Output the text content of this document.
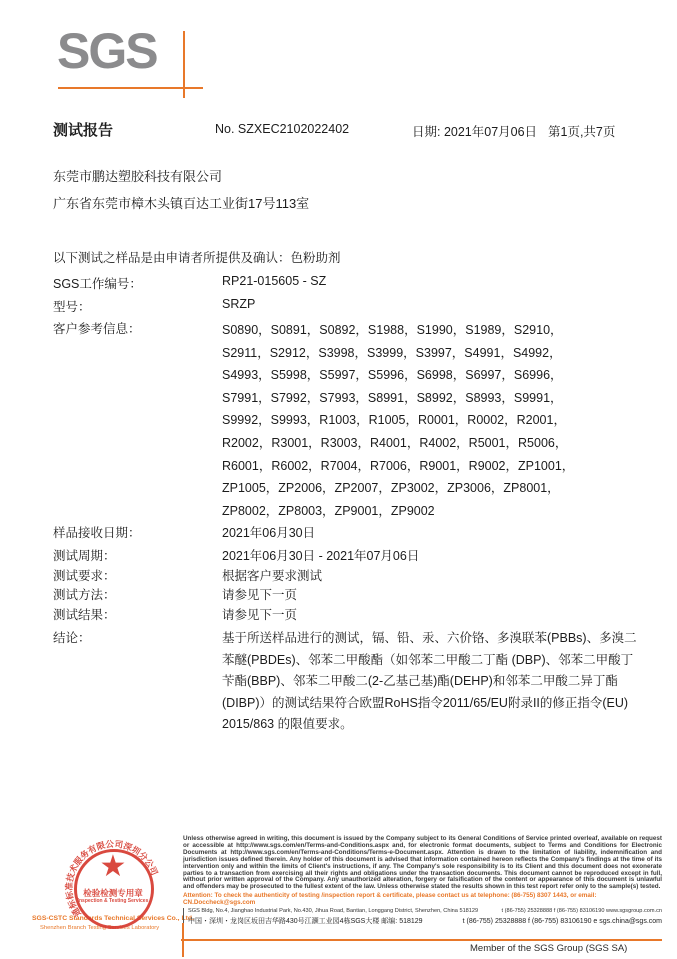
SGS
测试报告	No. SZXEC2102022402	日期: 2021年07月06日 第1页,共7页
东莞市鹏达塑胶科技有限公司
广东省东莞市樟木头镇百达工业街17号113室
以下测试之样品是由申请者所提供及确认：色粉助剂
SGS工作编号：	RP21-015605 - SZ
型号：	SRZP
客户参考信息：	S0890，S0891，S0892，S1988，S1990，S1989，S2910，
S2911，S2912，S3998，S3999，S3997，S4991，S4992，
S4993，S5998，S5997，S5996，S6998，S6997，S6996，
S7991，S7992，S7993，S8991，S8992，S8993，S9991，
S9992，S9993，R1003，R1005，R0001，R0002，R2001，
R2002，R3001，R3003，R4001，R4002，R5001，R5006，
R6001，R6002，R7004，R7006，R9001，R9002，ZP1001，
ZP1005，ZP2006，ZP2007，ZP3002，ZP3006，ZP8001，
ZP8002，ZP8003，ZP9001，ZP9002
样品接收日期：	2021年06月30日
测试周期：	2021年06月30日 - 2021年07月06日
测试要求：	根据客户要求测试
测试方法：	请参见下一页
测试结果：	请参见下一页
结论：	基于所送样品进行的测试，镉、铅、汞、六价铬、多溴联苯(PBBs)、多溴二苯醚(PBDEs)、邻苯二甲酸酯（如邻苯二甲酸二丁酯 (DBP)、邻苯二甲酸丁苄酯(BBP)、邻苯二甲酸二(2-乙基己基)酯(DEHP)和邻苯二甲酸二异丁酯(DIBP)）的测试结果符合欧盟RoHS指令2011/65/EU附录II的修正指令(EU) 2015/863 的限值要求。
通标标准技术服务有限公司深圳分公司
★
检验检测专用章
Inspection & Testing Services
SGS-CSTC Standards Technical Services Co., Ltd.
Shenzhen Branch Testing Services Laboratory
Unless otherwise agreed in writing, this document is issued by the Company subject to its General Conditions of Service printed overleaf, available on request or accessible at http://www.sgs.com/en/Terms-and-Conditions.aspx and, for electronic format documents, subject to Terms and Conditions for Electronic Documents at http://www.sgs.com/en/Terms-and-Conditions/Terms-e-Document.aspx. Attention is drawn to the limitation of liability, indemnification and jurisdiction issues defined therein. Any holder of this document is advised that information contained hereon reflects the Company's findings at the time of its intervention only and within the limits of Client's instructions, if any. The Company's sole responsibility is to its Client and this document does not exonerate parties to a transaction from exercising all their rights and obligations under the transaction documents. This document cannot be reproduced except in full, without prior written approval of the Company. Any unauthorized alteration, forgery or falsification of the content or appearance of this document is unlawful and offenders may be prosecuted to the fullest extent of the law. Unless otherwise stated the results shown in this test report refer only to the sample(s) tested.
Attention: To check the authenticity of testing /inspection report & certificate, please contact us at telephone: (86-755) 8307 1443, or email: CN.Doccheck@sgs.com
SGS Bldg, No.4, Jianghao Industrial Park, No.430, Jihua Road, Bantian, Longgang District, Shenzhen, China 518129	t (86-755) 25328888 f (86-755) 83106190 www.sgsgroup.com.cn
中国・深圳・龙岗区坂田吉华路430号江灏工业园4栋SGS大楼 邮编: 518129	t (86-755) 25328888 f (86-755) 83106190 e sgs.china@sgs.com
Member of the SGS Group (SGS SA)
